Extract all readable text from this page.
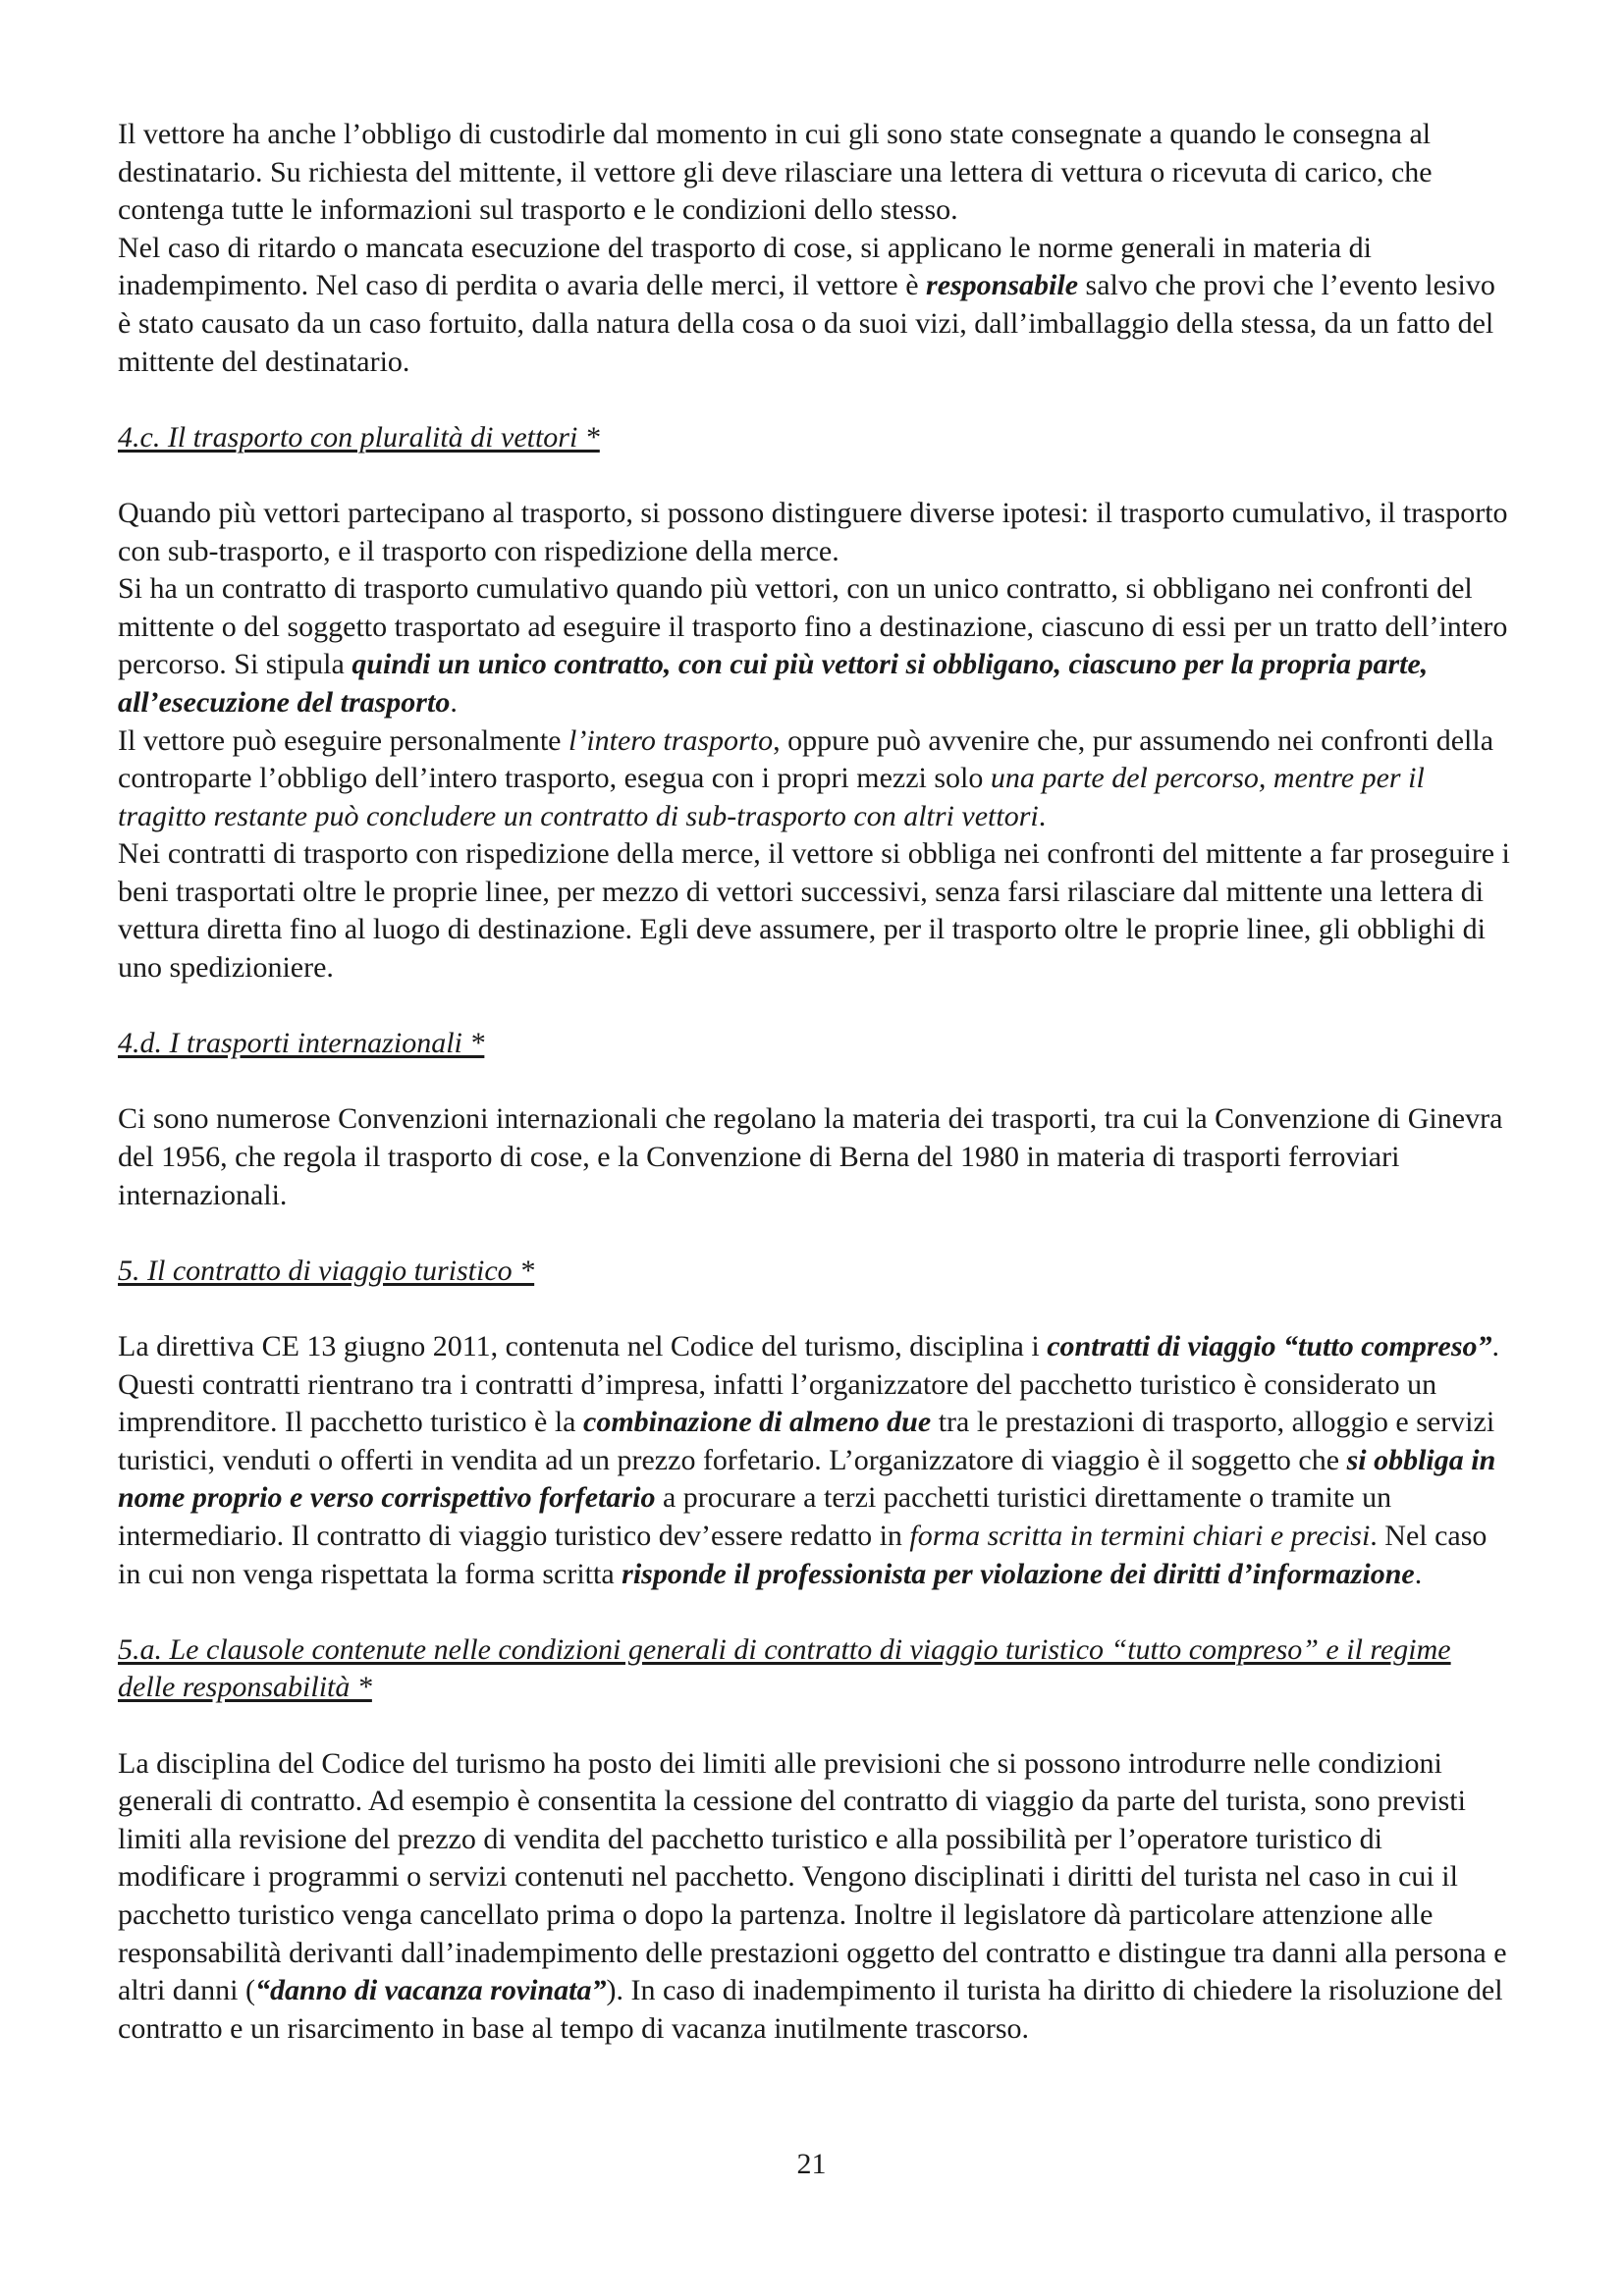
Il vettore ha anche l’obbligo di custodirle dal momento in cui gli sono state consegnate a quando le consegna al destinatario. Su richiesta del mittente, il vettore gli deve rilasciare una lettera di vettura o ricevuta di carico, che contenga tutte le informazioni sul trasporto e le condizioni dello stesso.

Nel caso di ritardo o mancata esecuzione del trasporto di cose, si applicano le norme generali in materia di inadempimento. Nel caso di perdita o avaria delle merci, il vettore è responsabile salvo che provi che l’evento lesivo è stato causato da un caso fortuito, dalla natura della cosa o da suoi vizi, dall’imballaggio della stessa, da un fatto del mittente del destinatario.

4.c. Il trasporto con pluralità di vettori *

Quando più vettori partecipano al trasporto, si possono distinguere diverse ipotesi: il trasporto cumulativo, il trasporto con sub-trasporto, e il trasporto con rispedizione della merce.

Si ha un contratto di trasporto cumulativo quando più vettori, con un unico contratto, si obbligano nei confronti del mittente o del soggetto trasportato ad eseguire il trasporto fino a destinazione, ciascuno di essi per un tratto dell’intero percorso. Si stipula quindi un unico contratto, con cui più vettori si obbligano, ciascuno per la propria parte, all’esecuzione del trasporto.

Il vettore può eseguire personalmente l’intero trasporto, oppure può avvenire che, pur assumendo nei confronti della controparte l’obbligo dell’intero trasporto, esegua con i propri mezzi solo una parte del percorso, mentre per il tragitto restante può concludere un contratto di sub-trasporto con altri vettori.

Nei contratti di trasporto con rispedizione della merce, il vettore si obbliga nei confronti del mittente a far proseguire i beni trasportati oltre le proprie linee, per mezzo di vettori successivi, senza farsi rilasciare dal mittente una lettera di vettura diretta fino al luogo di destinazione. Egli deve assumere, per il trasporto oltre le proprie linee, gli obblighi di uno spedizioniere.

4.d. I trasporti internazionali *

Ci sono numerose Convenzioni internazionali che regolano la materia dei trasporti, tra cui la Convenzione di Ginevra del 1956, che regola il trasporto di cose, e la Convenzione di Berna del 1980 in materia di trasporti ferroviari internazionali.

5. Il contratto di viaggio turistico *

La direttiva CE 13 giugno 2011, contenuta nel Codice del turismo, disciplina i contratti di viaggio “tutto compreso”. Questi contratti rientrano tra i contratti d’impresa, infatti l’organizzatore del pacchetto turistico è considerato un imprenditore. Il pacchetto turistico è la combinazione di almeno due tra le prestazioni di trasporto, alloggio e servizi turistici, venduti o offerti in vendita ad un prezzo forfetario. L’organizzatore di viaggio è il soggetto che si obbliga in nome proprio e verso corrispettivo forfetario a procurare a terzi pacchetti turistici direttamente o tramite un intermediario. Il contratto di viaggio turistico dev’essere redatto in forma scritta in termini chiari e precisi. Nel caso in cui non venga rispettata la forma scritta risponde il professionista per violazione dei diritti d’informazione.

5.a. Le clausole contenute nelle condizioni generali di contratto di viaggio turistico “tutto compreso” e il regime delle responsabilità *

La disciplina del Codice del turismo ha posto dei limiti alle previsioni che si possono introdurre nelle condizioni generali di contratto. Ad esempio è consentita la cessione del contratto di viaggio da parte del turista, sono previsti limiti alla revisione del prezzo di vendita del pacchetto turistico e alla possibilità per l’operatore turistico di modificare i programmi o servizi contenuti nel pacchetto. Vengono disciplinati i diritti del turista nel caso in cui il pacchetto turistico venga cancellato prima o dopo la partenza. Inoltre il legislatore dà particolare attenzione alle responsabilità derivanti dall’inadempimento delle prestazioni oggetto del contratto e distingue tra danni alla persona e altri danni (“danno di vacanza rovinata”). In caso di inadempimento il turista ha diritto di chiedere la risoluzione del contratto e un risarcimento in base al tempo di vacanza inutilmente trascorso.

21
